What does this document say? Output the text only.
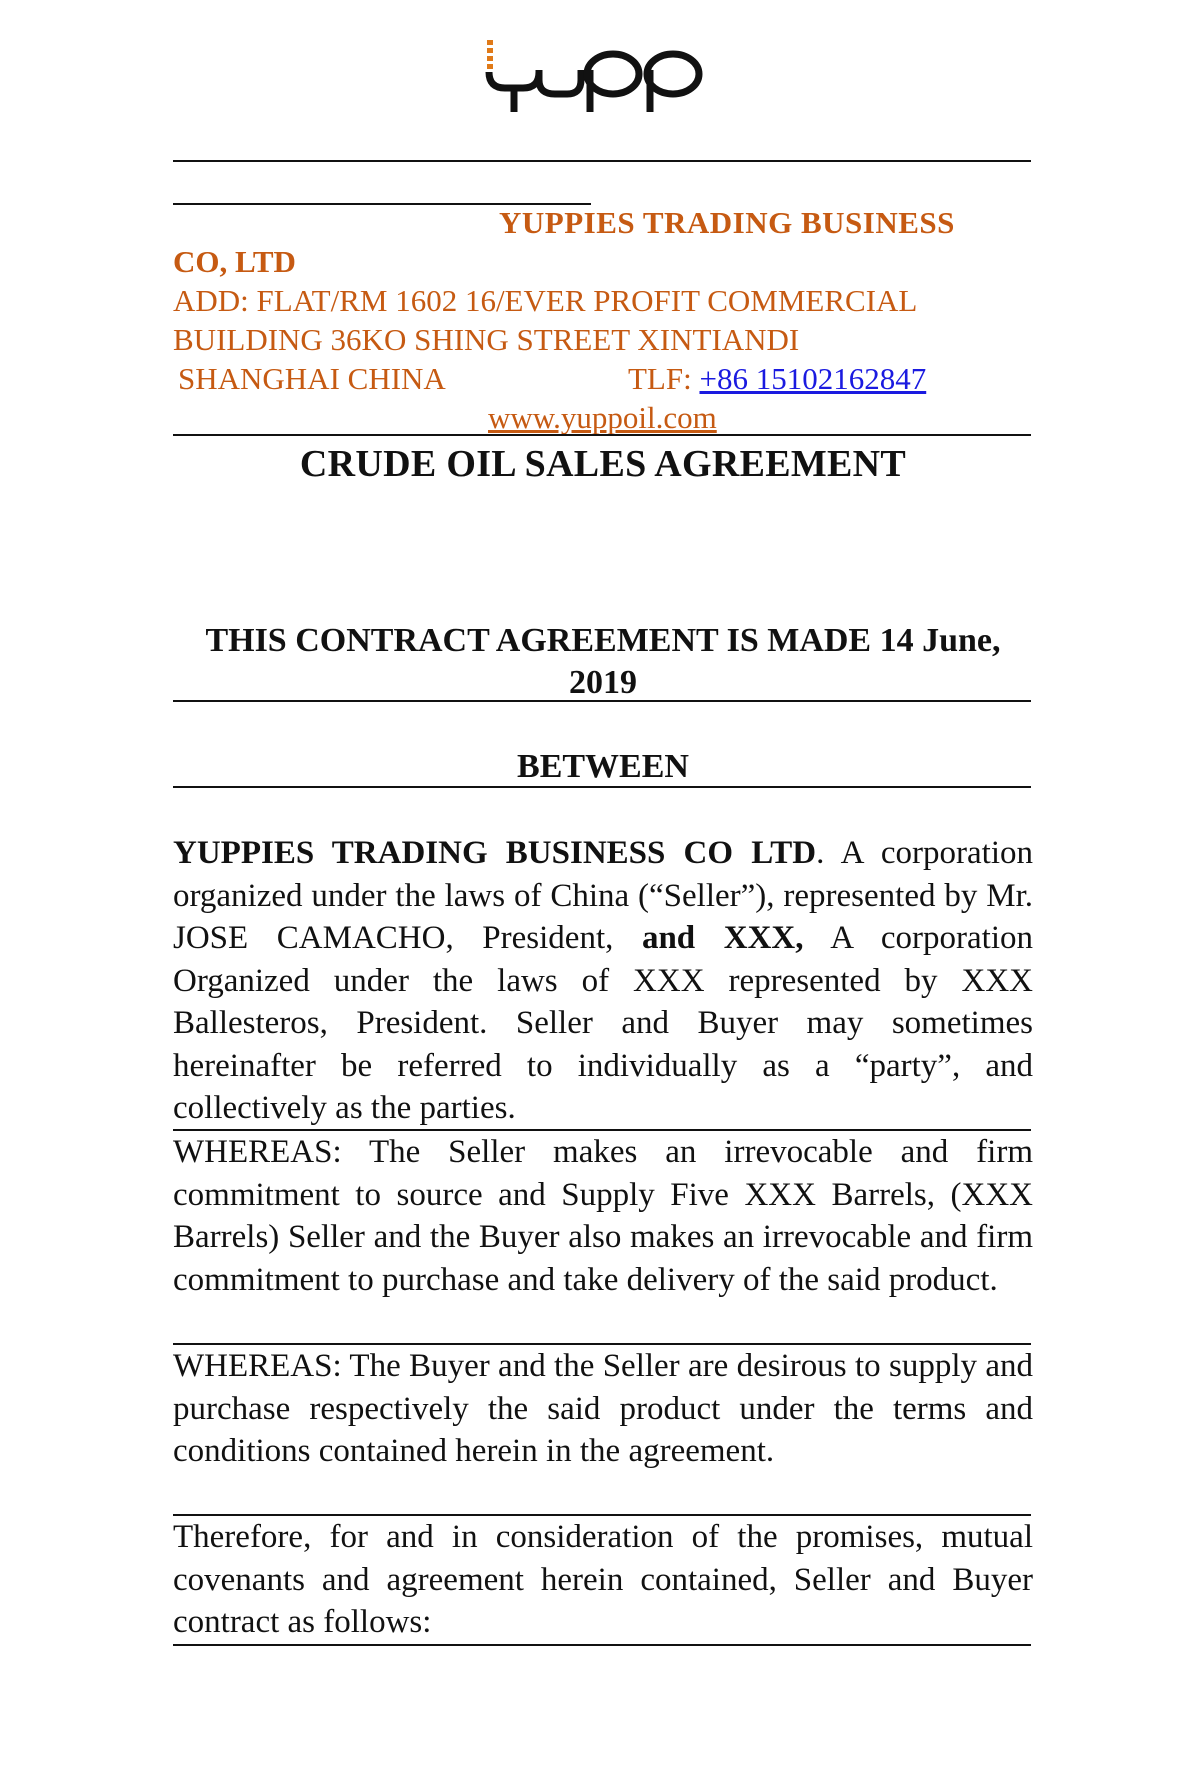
YUPPIES TRADING BUSINESS
CO, LTD
ADD: FLAT/RM 1602 16/EVER PROFIT COMMERCIAL
BUILDING 36KO SHING STREET XINTIANDI
SHANGHAI CHINA	TLF: +86 15102162847
www.yuppoil.com
CRUDE OIL SALES AGREEMENT
THIS CONTRACT AGREEMENT IS MADE 14 June,
2019
BETWEEN
YUPPIES TRADING BUSINESS CO LTD. A corporation organized under the laws of China (“Seller”), represented by Mr. JOSE CAMACHO, President, and XXX, A corporation Organized under the laws of XXX represented by XXX Ballesteros, President. Seller and Buyer may sometimes hereinafter be referred to individually as a “party”, and collectively as the parties.
WHEREAS: The Seller makes an irrevocable and firm commitment to source and Supply Five XXX Barrels, (XXX Barrels) Seller and the Buyer also makes an irrevocable and firm commitment to purchase and take delivery of the said product.
WHEREAS: The Buyer and the Seller are desirous to supply and purchase respectively the said product under the terms and conditions contained herein in the agreement.
Therefore, for and in consideration of the promises, mutual covenants and agreement herein contained, Seller and Buyer contract as follows:
